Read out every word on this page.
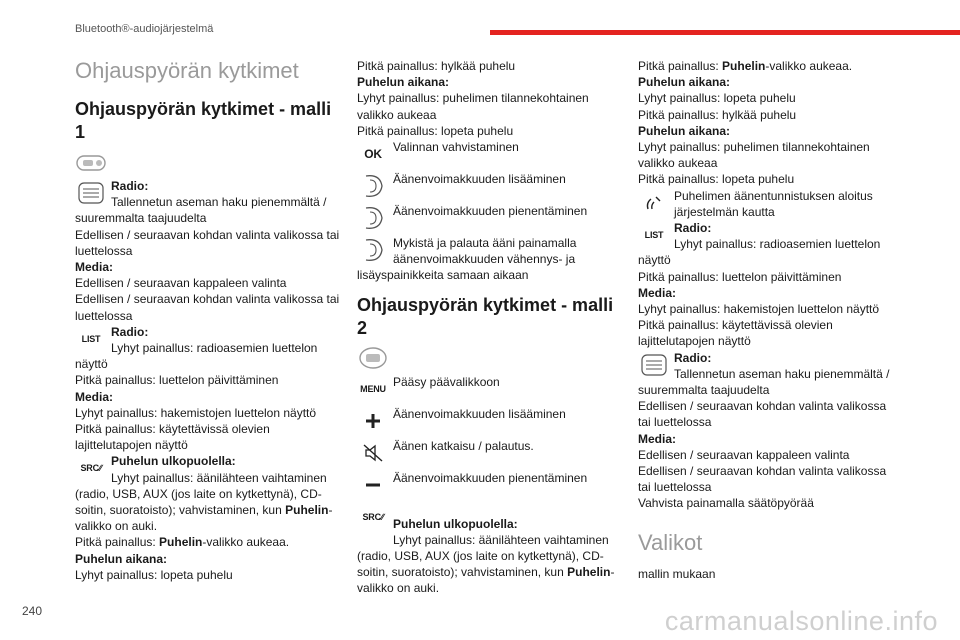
Bluetooth®-audiojärjestelmä

Ohjauspyörän kytkimet

Ohjauspyörän kytkimet - malli 1

Radio:

Tallennetun aseman haku pienemmältä / suuremmalta taajuudelta

Edellisen / seuraavan kohdan valinta valikossa tai luettelossa

Media:

Edellisen / seuraavan kappaleen valinta

Edellisen / seuraavan kohdan valinta valikossa tai luettelossa

LIST Radio:

Lyhyt painallus: radioasemien luettelon näyttö

Pitkä painallus: luettelon päivittäminen

Media:

Lyhyt painallus: hakemistojen luettelon näyttö

Pitkä painallus: käytettävissä olevien lajittelutapojen näyttö

SRC ∕∕ Puhelun ulkopuolella:

Lyhyt painallus: äänilähteen vaihtaminen (radio, USB, AUX (jos laite on kytkettynä), CD-soitin, suoratoisto); vahvistaminen, kun Puhelin-valikko on auki.

Pitkä painallus: Puhelin-valikko aukeaa.

Puhelun aikana:

Lyhyt painallus: lopeta puhelu

Pitkä painallus: hylkää puhelu

Puhelun aikana:

Lyhyt painallus: puhelimen tilannekohtainen valikko aukeaa

Pitkä painallus: lopeta puhelu

OK Valinnan vahvistaminen

Äänenvoimakkuuden lisääminen

Äänenvoimakkuuden pienentäminen

Mykistä ja palauta ääni painamalla äänenvoimakkuuden vähennys- ja lisäyspainikkeita samaan aikaan

Ohjauspyörän kytkimet - malli 2

MENU Pääsy päävalikkoon

Äänenvoimakkuuden lisääminen

Äänen katkaisu / palautus.

Äänenvoimakkuuden pienentäminen

SRC ∕∕

Puhelun ulkopuolella:

Lyhyt painallus: äänilähteen vaihtaminen (radio, USB, AUX (jos laite on kytkettynä), CD-soitin, suoratoisto); vahvistaminen, kun Puhelin-valikko on auki.

Pitkä painallus: Puhelin-valikko aukeaa.

Puhelun aikana:

Lyhyt painallus: lopeta puhelu

Pitkä painallus: hylkää puhelu

Puhelun aikana:

Lyhyt painallus: puhelimen tilannekohtainen valikko aukeaa

Pitkä painallus: lopeta puhelu

Puhelimen äänentunnistuksen aloitus järjestelmän kautta

LIST Radio:

Lyhyt painallus: radioasemien luettelon näyttö

Pitkä painallus: luettelon päivittäminen

Media:

Lyhyt painallus: hakemistojen luettelon näyttö

Pitkä painallus: käytettävissä olevien lajittelutapojen näyttö

Radio:

Tallennetun aseman haku pienemmältä / suuremmalta taajuudelta

Edellisen / seuraavan kohdan valinta valikossa tai luettelossa

Media:

Edellisen / seuraavan kappaleen valinta

Edellisen / seuraavan kohdan valinta valikossa tai luettelossa

Vahvista painamalla säätöpyörää

Valikot

mallin mukaan

240	carmanualsonline.info
